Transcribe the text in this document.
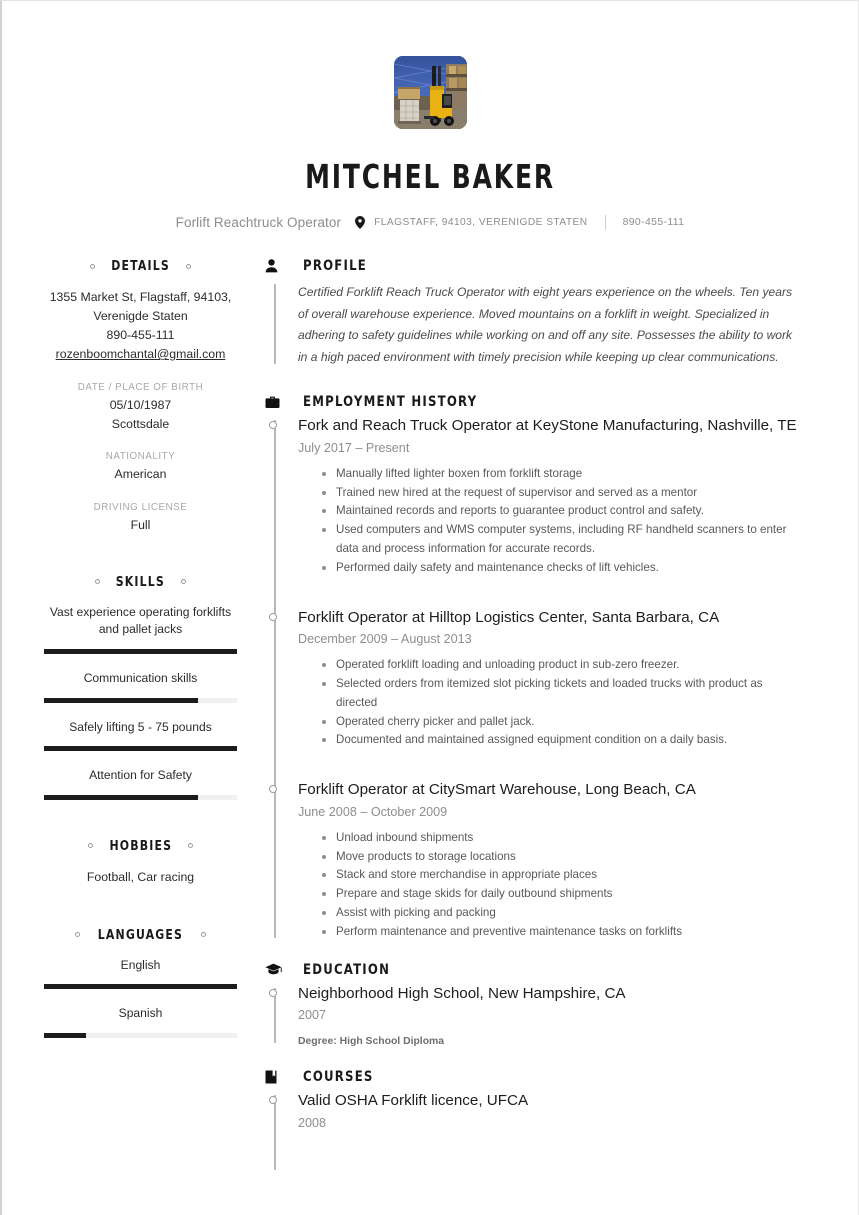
MITCHEL BAKER
Forlift Reachtruck Operator	FLAGSTAFF, 94103, VERENIGDE STATEN	890-455-111
DETAILS
1355 Market St, Flagstaff, 94103,
Verenigde Staten
890-455-111
rozenboomchantal@gmail.com
DATE / PLACE OF BIRTH
05/10/1987
Scottsdale
NATIONALITY
American
DRIVING LICENSE
Full
SKILLS
Vast experience operating forklifts and pallet jacks
Communication skills
Safely lifting 5 - 75 pounds
Attention for Safety
HOBBIES
Football, Car racing
LANGUAGES
English
Spanish
PROFILE
Certified Forklift Reach Truck Operator with eight years experience on the wheels. Ten years of overall warehouse experience. Moved mountains on a forklift in weight. Specialized in adhering to safety guidelines while working on and off any site. Possesses the ability to work in a high paced environment with timely precision while keeping up clear communications.
EMPLOYMENT HISTORY
Fork and Reach Truck Operator at KeyStone Manufacturing, Nashville, TE
July 2017 – Present
Manually lifted lighter boxen from forklift storage
Trained new hired at the request of supervisor and served as a mentor
Maintained records and reports to guarantee product control and safety.
Used computers and WMS computer systems, including RF handheld scanners to enter data and process information for accurate records.
Performed daily safety and maintenance checks of lift vehicles.
Forklift Operator at Hilltop Logistics Center, Santa Barbara, CA
December 2009 – August 2013
Operated forklift loading and unloading product in sub-zero freezer.
Selected orders from itemized slot picking tickets and loaded trucks with product as directed
Operated cherry picker and pallet jack.
Documented and maintained assigned equipment condition on a daily basis.
Forklift Operator at CitySmart Warehouse, Long Beach, CA
June 2008 – October 2009
Unload inbound shipments
Move products to storage locations
Stack and store merchandise in appropriate places
Prepare and stage skids for daily outbound shipments
Assist with picking and packing
Perform maintenance and preventive maintenance tasks on forklifts
EDUCATION
Neighborhood High School, New Hampshire, CA
2007
Degree: High School Diploma
COURSES
Valid OSHA Forklift licence, UFCA
2008
